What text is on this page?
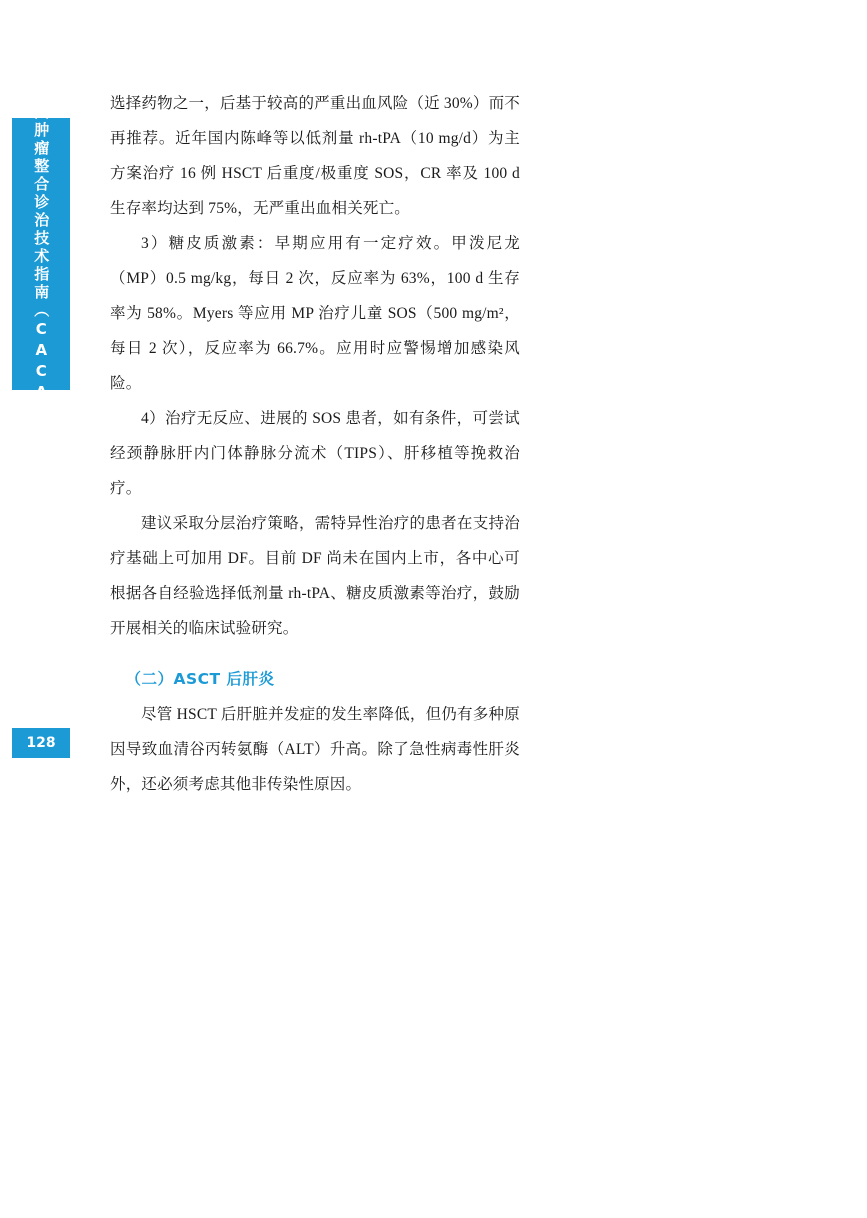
中国肿瘤整合诊治技术指南（CACA）
128

选择药物之一，后基于较高的严重出血风险（近 30%）而不再推荐。近年国内陈峰等以低剂量 rh-tPA（10 mg/d）为主方案治疗 16 例 HSCT 后重度/极重度 SOS，CR 率及 100 d 生存率均达到 75%，无严重出血相关死亡。

3）糖皮质激素：早期应用有一定疗效。甲泼尼龙（MP）0.5 mg/kg，每日 2 次，反应率为 63%，100 d 生存率为 58%。Myers 等应用 MP 治疗儿童 SOS（500 mg/m²，每日 2 次），反应率为 66.7%。应用时应警惕增加感染风险。

4）治疗无反应、进展的 SOS 患者，如有条件，可尝试经颈静脉肝内门体静脉分流术（TIPS）、肝移植等挽救治疗。

建议采取分层治疗策略，需特异性治疗的患者在支持治疗基础上可加用 DF。目前 DF 尚未在国内上市，各中心可根据各自经验选择低剂量 rh-tPA、糖皮质激素等治疗，鼓励开展相关的临床试验研究。

（二）ASCT 后肝炎

尽管 HSCT 后肝脏并发症的发生率降低，但仍有多种原因导致血清谷丙转氨酶（ALT）升高。除了急性病毒性肝炎外，还必须考虑其他非传染性原因。
